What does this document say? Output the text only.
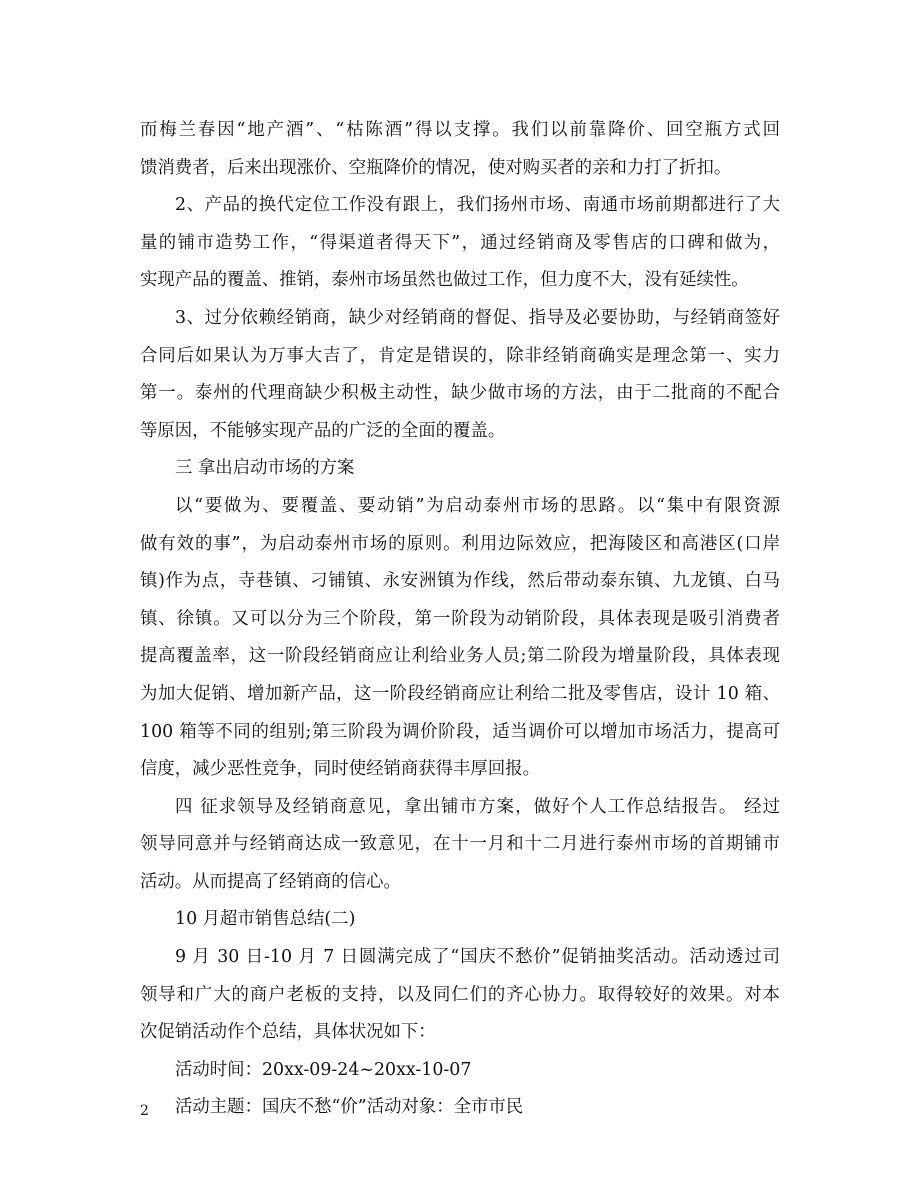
而梅兰春因“地产酒”、“枯陈酒”得以支撑。我们以前靠降价、回空瓶方式回
馈消费者，后来出现涨价、空瓶降价的情况，使对购买者的亲和力打了折扣。
2、产品的换代定位工作没有跟上，我们扬州市场、南通市场前期都进行了大
量的铺市造势工作，“得渠道者得天下”，通过经销商及零售店的口碑和做为，
实现产品的覆盖、推销，泰州市场虽然也做过工作，但力度不大，没有延续性。
3、过分依赖经销商，缺少对经销商的督促、指导及必要协助，与经销商签好
合同后如果认为万事大吉了，肯定是错误的，除非经销商确实是理念第一、实力
第一。泰州的代理商缺少积极主动性，缺少做市场的方法，由于二批商的不配合
等原因，不能够实现产品的广泛的全面的覆盖。
三 拿出启动市场的方案
以“要做为、要覆盖、要动销”为启动泰州市场的思路。以“集中有限资源
做有效的事”，为启动泰州市场的原则。利用边际效应，把海陵区和高港区(口岸
镇)作为点，寺巷镇、刁铺镇、永安洲镇为作线，然后带动泰东镇、九龙镇、白马
镇、徐镇。又可以分为三个阶段，第一阶段为动销阶段，具体表现是吸引消费者
提高覆盖率，这一阶段经销商应让利给业务人员;第二阶段为增量阶段，具体表现
为加大促销、增加新产品，这一阶段经销商应让利给二批及零售店，设计 10 箱、
100 箱等不同的组别;第三阶段为调价阶段，适当调价可以增加市场活力，提高可
信度，减少恶性竞争，同时使经销商获得丰厚回报。
四 征求领导及经销商意见，拿出铺市方案，做好个人工作总结报告。 经过
领导同意并与经销商达成一致意见，在十一月和十二月进行泰州市场的首期铺市
活动。从而提高了经销商的信心。
10 月超市销售总结(二)
9 月 30 日-10 月 7 日圆满完成了“国庆不愁价”促销抽奖活动。活动透过司
领导和广大的商户老板的支持，以及同仁们的齐心协力。取得较好的效果。对本
次促销活动作个总结，具体状况如下：
活动时间：20xx-09-24~20xx-10-07
活动主题：国庆不愁“价”活动对象：全市市民
2
